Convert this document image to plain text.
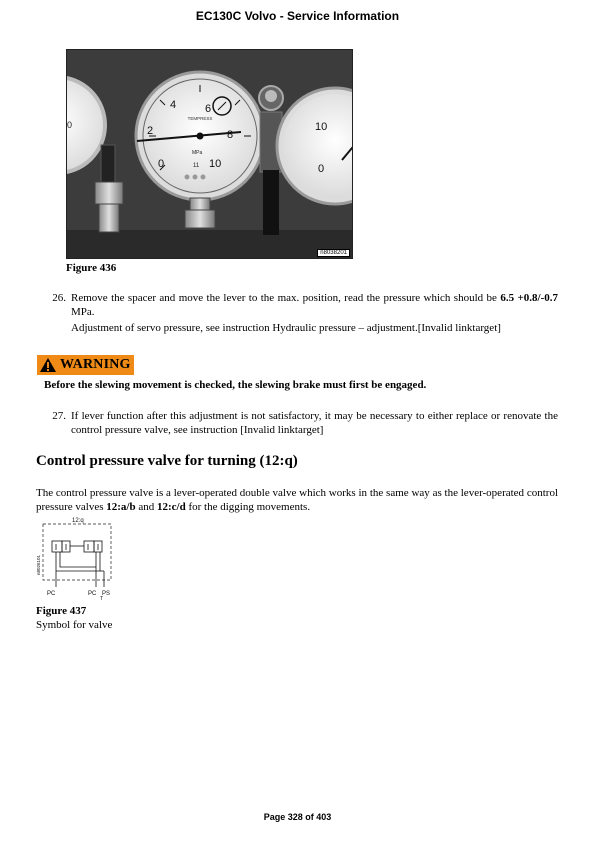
EC130C Volvo - Service Information
0
0
2
4	6
8
10
TEMPRESS
MPa
11
10
0
n8038201
Figure 436
26. Remove the spacer and move the lever to the max. position, read the pressure which should be 6.5 +0.8/-0.7 MPa.
Adjustment of servo pressure, see instruction Hydraulic pressure – adjustment.[Invalid linktarget]
WARNING
Before the slewing movement is checked, the slewing brake must first be engaged.
27. If lever function after this adjustment is not satisfactory, it may be necessary to either replace or renovate the control pressure valve, see instruction [Invalid linktarget]
Control pressure valve for turning (12:q)
The control pressure valve is a lever-operated double valve which works in the same way as the lever-operated control pressure valves 12:a/b and 12:c/d for the digging movements.
12:q
n8026101
PC	PC PS
T
Figure 437
Symbol for valve
Page 328 of 403
